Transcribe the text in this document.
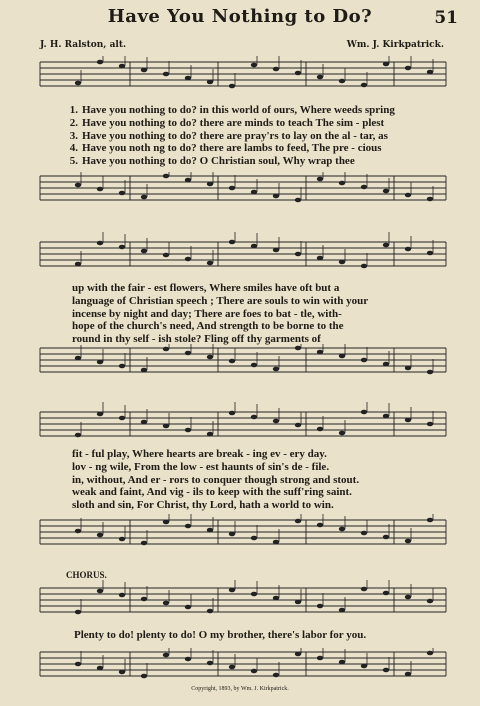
Have You Nothing to Do?	51
J. H. Ralston, alt.	Wm. J. Kirkpatrick.
1. Have you nothing to do? in this world of ours, Where weeds spring
2. Have you nothing to do? there are minds to teach The sim - plest
3. Have you nothing to do? there are pray'rs to lay on the al - tar, as
4. Have you noth ng to do? there are lambs to feed, The pre - cious
5. Have you nothing to do? O Christian soul, Why wrap thee
up with the fair - est flowers, Where smiles have oft but a
language of Christian speech ; There are souls to win with your
incense by night and day; There are foes to bat - tle, with-
hope of the church's need, And strength to be borne to the
round in thy self - ish stole? Fling off thy garments of
fit - ful play, Where hearts are break - ing ev - ery day.
lov - ng wile, From the low - est haunts of sin's de - file.
in, without, And er - rors to conquer though strong and stout.
weak and faint, And vig - ils to keep with the suff'ring saint.
sloth and sin, For Christ, thy Lord, hath a world to win.
CHORUS.
Plenty to do! plenty to do! O my brother, there's labor for you.
Copyright, 1893, by Wm. J. Kirkpatrick.
